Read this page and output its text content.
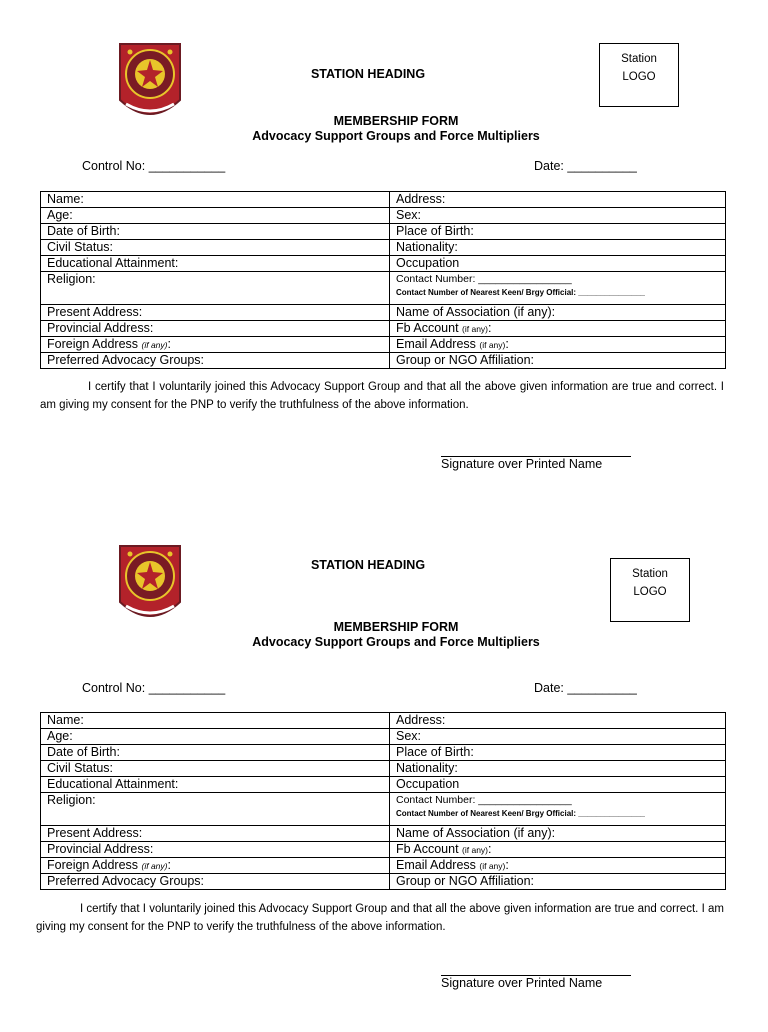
STATION HEADING
Station
LOGO
MEMBERSHIP FORM
Advocacy Support Groups and Force Multipliers
Control No: ___________	Date: __________
Name:	Address:
Age:	Sex:
Date of Birth:	Place of Birth:
Civil Status:	Nationality:
Educational Attainment:	Occupation
Religion:	Contact Number: ________________
Contact Number of Nearest Keen/ Brgy Official: _______________

Present Address:	Name of Association (if any):
Provincial Address:	Fb Account (if any):
Foreign Address (if any):	Email Address (if any):
Preferred Advocacy Groups:	Group or NGO Affiliation:
I certify that I voluntarily joined this Advocacy Support Group and that all the above given information are true and correct. I am giving my consent for the PNP to verify the truthfulness of the above information.
Signature over Printed Name
STATION HEADING
Station
LOGO
MEMBERSHIP FORM
Advocacy Support Groups and Force Multipliers
Control No: ___________	Date: __________
Name:	Address:
Age:	Sex:
Date of Birth:	Place of Birth:
Civil Status:	Nationality:
Educational Attainment:	Occupation
Religion:	Contact Number: ________________
Contact Number of Nearest Keen/ Brgy Official: _______________

Present Address:	Name of Association (if any):
Provincial Address:	Fb Account (if any):
Foreign Address (if any):	Email Address (if any):
Preferred Advocacy Groups:	Group or NGO Affiliation:
I certify that I voluntarily joined this Advocacy Support Group and that all the above given information are true and correct. I am giving my consent for the PNP to verify the truthfulness of the above information.
Signature over Printed Name
